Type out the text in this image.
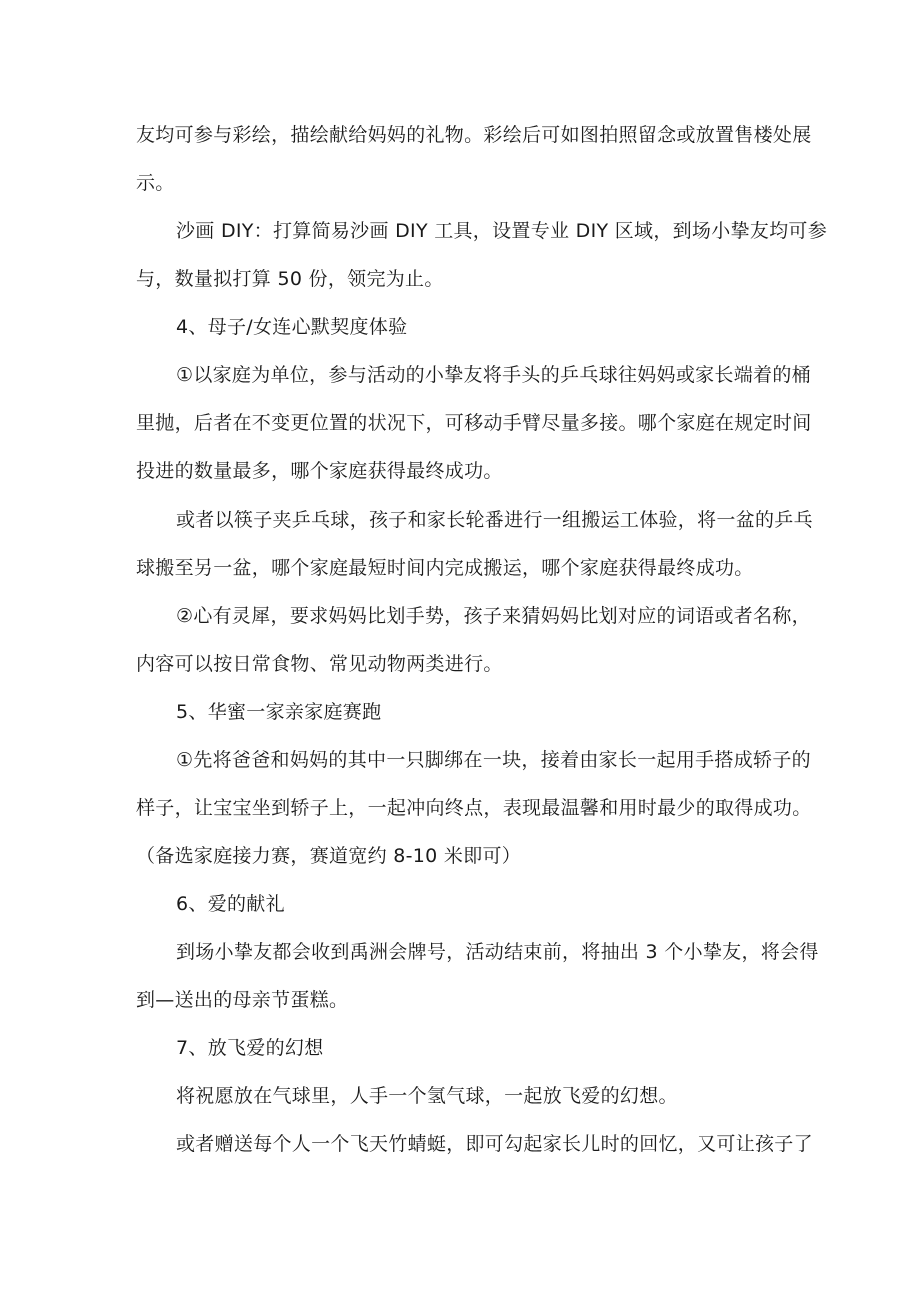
友均可参与彩绘，描绘献给妈妈的礼物。彩绘后可如图拍照留念或放置售楼处展
示。
沙画 DIY：打算简易沙画 DIY 工具，设置专业 DIY 区域，到场小挚友均可参
与，数量拟打算 50 份，领完为止。
4、母子/女连心默契度体验
①以家庭为单位，参与活动的小挚友将手头的乒乓球往妈妈或家长端着的桶
里抛，后者在不变更位置的状况下，可移动手臂尽量多接。哪个家庭在规定时间
投进的数量最多，哪个家庭获得最终成功。
或者以筷子夹乒乓球，孩子和家长轮番进行一组搬运工体验，将一盆的乒乓
球搬至另一盆，哪个家庭最短时间内完成搬运，哪个家庭获得最终成功。
②心有灵犀，要求妈妈比划手势，孩子来猜妈妈比划对应的词语或者名称，
内容可以按日常食物、常见动物两类进行。
5、华蜜一家亲家庭赛跑
①先将爸爸和妈妈的其中一只脚绑在一块，接着由家长一起用手搭成轿子的
样子，让宝宝坐到轿子上，一起冲向终点，表现最温馨和用时最少的取得成功。
（备选家庭接力赛，赛道宽约 8-10 米即可）
6、爱的献礼
到场小挚友都会收到禹洲会牌号，活动结束前，将抽出 3 个小挚友，将会得
到—送出的母亲节蛋糕。
7、放飞爱的幻想
将祝愿放在气球里，人手一个氢气球，一起放飞爱的幻想。
或者赠送每个人一个飞天竹蜻蜓，即可勾起家长儿时的回忆，又可让孩子了
